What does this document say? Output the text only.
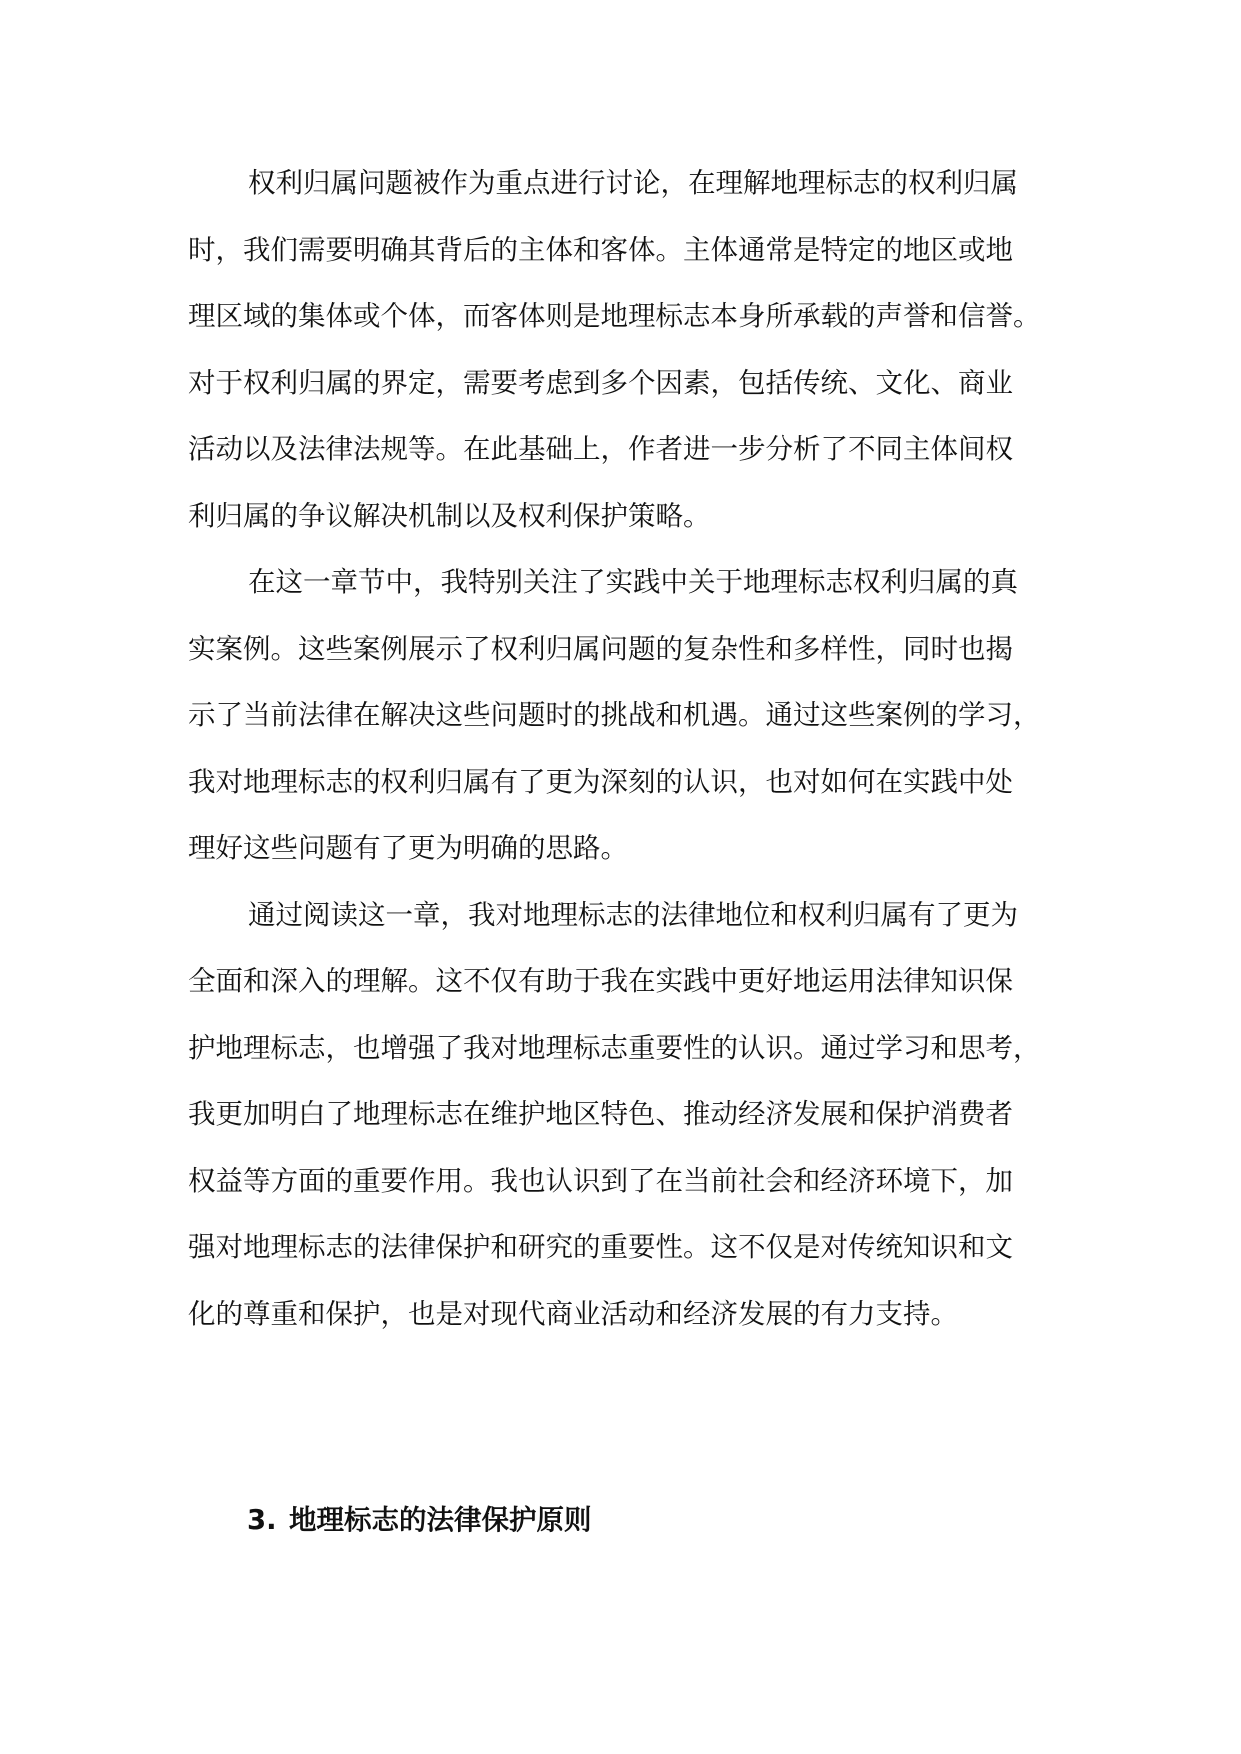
权利归属问题被作为重点进行讨论，在理解地理标志的权利归属
时，我们需要明确其背后的主体和客体。主体通常是特定的地区或地
理区域的集体或个体，而客体则是地理标志本身所承载的声誉和信誉。
对于权利归属的界定，需要考虑到多个因素，包括传统、文化、商业
活动以及法律法规等。在此基础上，作者进一步分析了不同主体间权
利归属的争议解决机制以及权利保护策略。
在这一章节中，我特别关注了实践中关于地理标志权利归属的真
实案例。这些案例展示了权利归属问题的复杂性和多样性，同时也揭
示了当前法律在解决这些问题时的挑战和机遇。通过这些案例的学习，
我对地理标志的权利归属有了更为深刻的认识，也对如何在实践中处
理好这些问题有了更为明确的思路。
通过阅读这一章，我对地理标志的法律地位和权利归属有了更为
全面和深入的理解。这不仅有助于我在实践中更好地运用法律知识保
护地理标志，也增强了我对地理标志重要性的认识。通过学习和思考，
我更加明白了地理标志在维护地区特色、推动经济发展和保护消费者
权益等方面的重要作用。我也认识到了在当前社会和经济环境下，加
强对地理标志的法律保护和研究的重要性。这不仅是对传统知识和文
化的尊重和保护，也是对现代商业活动和经济发展的有力支持。
3. 地理标志的法律保护原则
